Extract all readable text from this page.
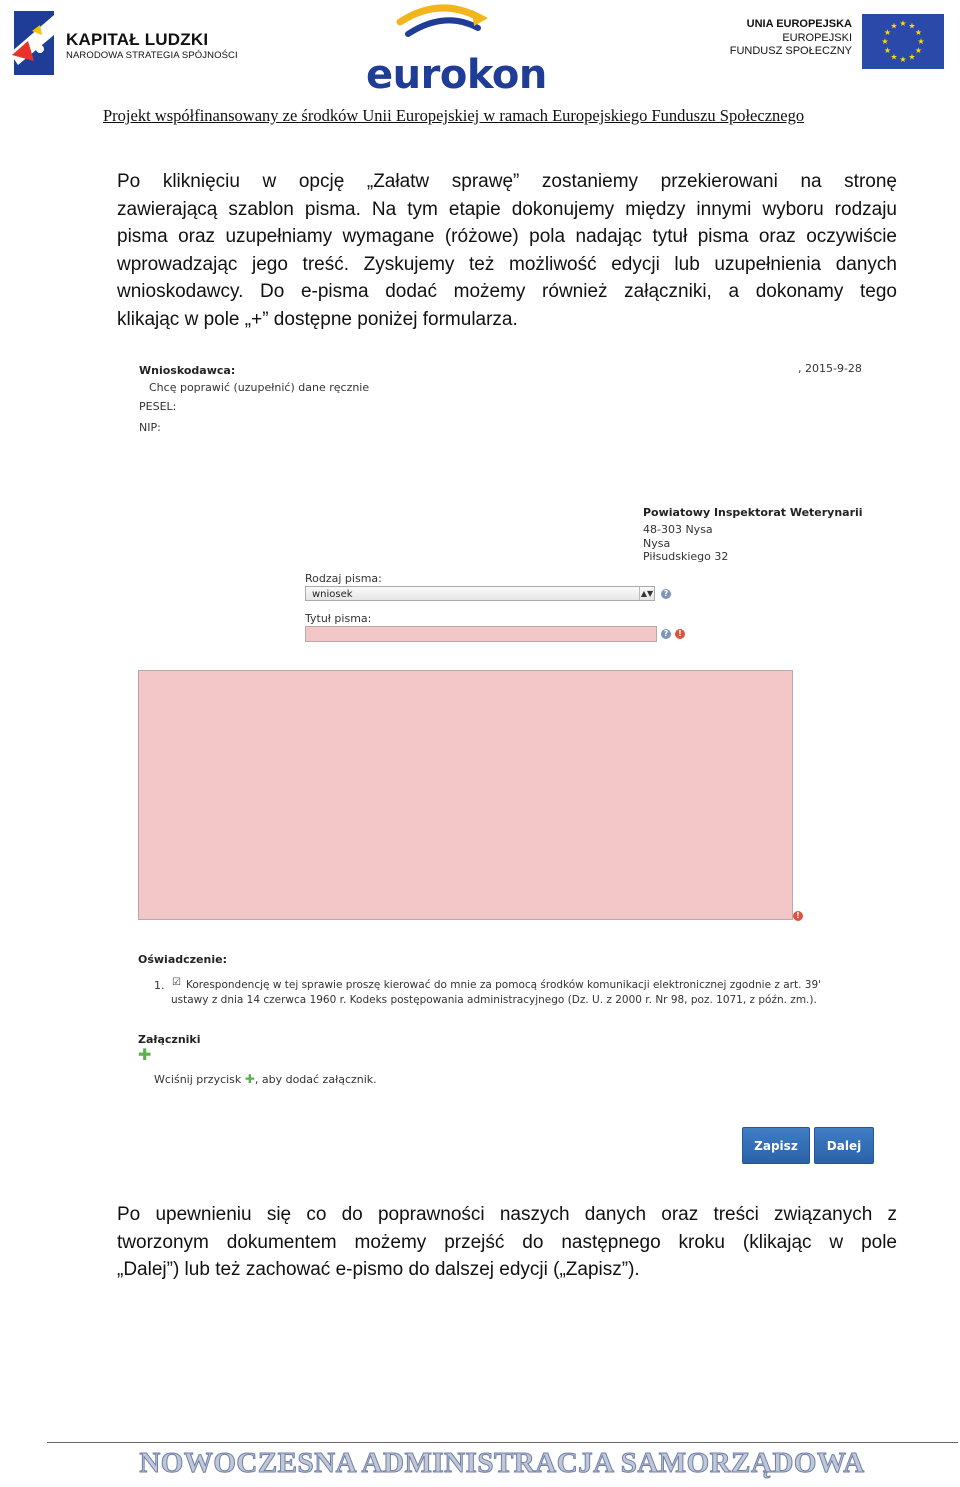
KAPITAŁ LUDZKI
NARODOWA STRATEGIA SPÓJNOŚCI	eurokon
UNIA EUROPEJSKA
EUROPEJSKI
FUNDUSZ SPOŁECZNY
★ ★
★
★
★
★
★
★
★
★
★
★
Projekt współfinansowany ze środków Unii Europejskiej w ramach Europejskiego Funduszu Społecznego
Po kliknięciu w opcję „Załatw sprawę” zostaniemy przekierowani na stronę
zawierającą szablon pisma. Na tym etapie dokonujemy między innymi wyboru rodzaju
pisma oraz uzupełniamy wymagane (różowe) pola nadając tytuł pisma oraz oczywiście
wprowadzając jego treść. Zyskujemy też możliwość edycji lub uzupełnienia danych
wnioskodawcy. Do e-pisma dodać możemy również załączniki, a dokonamy tego
klikając w pole „+” dostępne poniżej formularza.
Wnioskodawca:	, 2015-9-28
Chcę poprawić (uzupełnić) dane ręcznie
PESEL:
NIP:
Powiatowy Inspektorat Weterynarii
48-303 Nysa
Nysa
Piłsudskiego 32
Rodzaj pisma:
wniosek	▲▼	?
Tytuł pisma:
?	!
!
Oświadczenie:
1. ☑ Korespondencję w tej sprawie proszę kierować do mnie za pomocą środków komunikacji elektronicznej zgodnie z art. 39'
ustawy z dnia 14 czerwca 1960 r. Kodeks postępowania administracyjnego (Dz. U. z 2000 r. Nr 98, poz. 1071, z późn. zm.).
Załączniki
✚
Wciśnij przycisk ✚, aby dodać załącznik.
Zapisz	Dalej
Po upewnieniu się co do poprawności naszych danych oraz treści związanych z
tworzonym dokumentem możemy przejść do następnego kroku (klikając w pole
„Dalej”) lub też zachować e-pismo do dalszej edycji („Zapisz”).
NOWOCZESNA ADMINISTRACJA SAMORZĄDOWA
